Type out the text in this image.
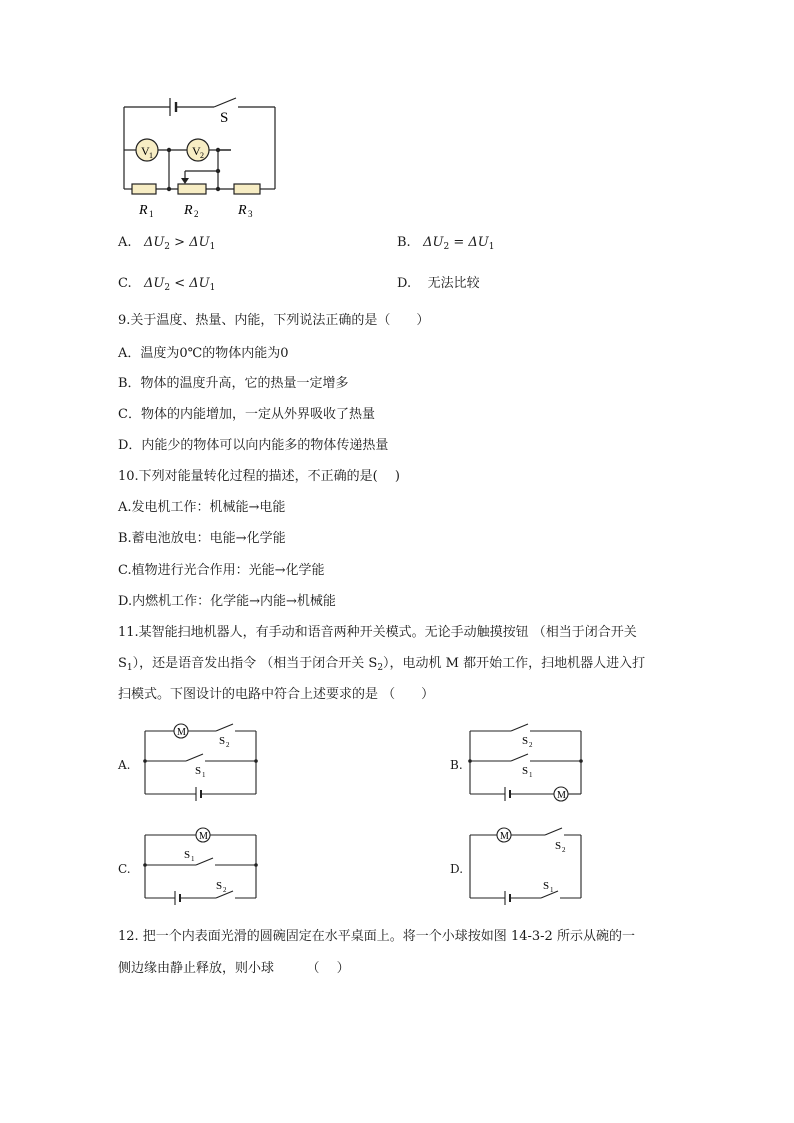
V 1	V 2
S
R 1 R 2	R 3
A. $\Delta U_2 > \Delta U_1$	B. $\Delta U_2 = \Delta U_1$
C. $\Delta U_2 < \Delta U_1$	D. 无法比较
9.关于温度、热量、内能，下列说法正确的是（　　）
A．温度为0℃的物体内能为0
B．物体的温度升高，它的热量一定增多
C．物体的内能增加，一定从外界吸收了热量
D．内能少的物体可以向内能多的物体传递热量
10.下列对能量转化过程的描述，不正确的是(　 )
A.发电机工作：机械能→电能
B.蓄电池放电：电能→化学能
C.植物进行光合作用：光能→化学能
D.内燃机工作：化学能→内能→机械能
11.某智能扫地机器人，有手动和语音两种开关模式。无论手动触摸按钮 （相当于闭合开关
$S_1$），还是语音发出指令 （相当于闭合开关 $S_2$），电动机 M 都开始工作，扫地机器人进入打
扫模式。下图设计的电路中符合上述要求的是 （　　）
A.	B.
C.	D.
M
S 2
S 1
M
S 2
S 1
M
S 1
S 2
M
S 2
S 1
12. 把一个内表面光滑的圆碗固定在水平桌面上。将一个小球按如图 14-3-2 所示从碗的一
侧边缘由静止释放，则小球　　　（　 ）
